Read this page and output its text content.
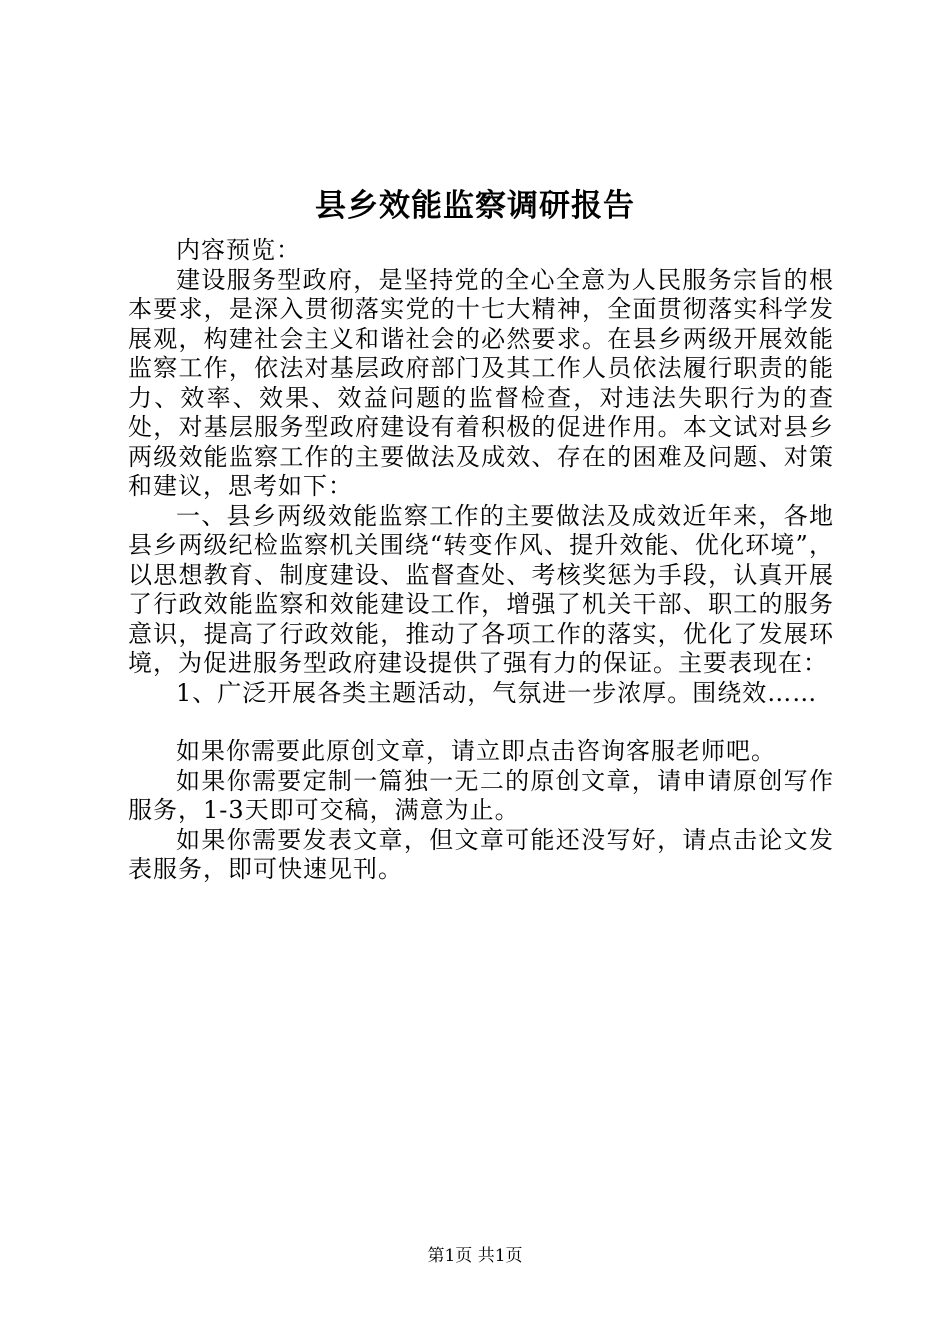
县乡效能监察调研报告

内容预览：

建设服务型政府，是坚持党的全心全意为人民服务宗旨的根本要求，是深入贯彻落实党的十七大精神，全面贯彻落实科学发展观，构建社会主义和谐社会的必然要求。在县乡两级开展效能监察工作，依法对基层政府部门及其工作人员依法履行职责的能力、效率、效果、效益问题的监督检查，对违法失职行为的查处，对基层服务型政府建设有着积极的促进作用。本文试对县乡两级效能监察工作的主要做法及成效、存在的困难及问题、对策和建议，思考如下：

一、县乡两级效能监察工作的主要做法及成效近年来，各地县乡两级纪检监察机关围绕“转变作风、提升效能、优化环境”，以思想教育、制度建设、监督查处、考核奖惩为手段，认真开展了行政效能监察和效能建设工作，增强了机关干部、职工的服务意识，提高了行政效能，推动了各项工作的落实，优化了发展环境，为促进服务型政府建设提供了强有力的保证。主要表现在：

1、广泛开展各类主题活动，气氛进一步浓厚。围绕效……

如果你需要此原创文章，请立即点击咨询客服老师吧。

如果你需要定制一篇独一无二的原创文章，请申请原创写作服务，1-3天即可交稿，满意为止。

如果你需要发表文章，但文章可能还没写好，请点击论文发表服务，即可快速见刊。

第1页 共1页
